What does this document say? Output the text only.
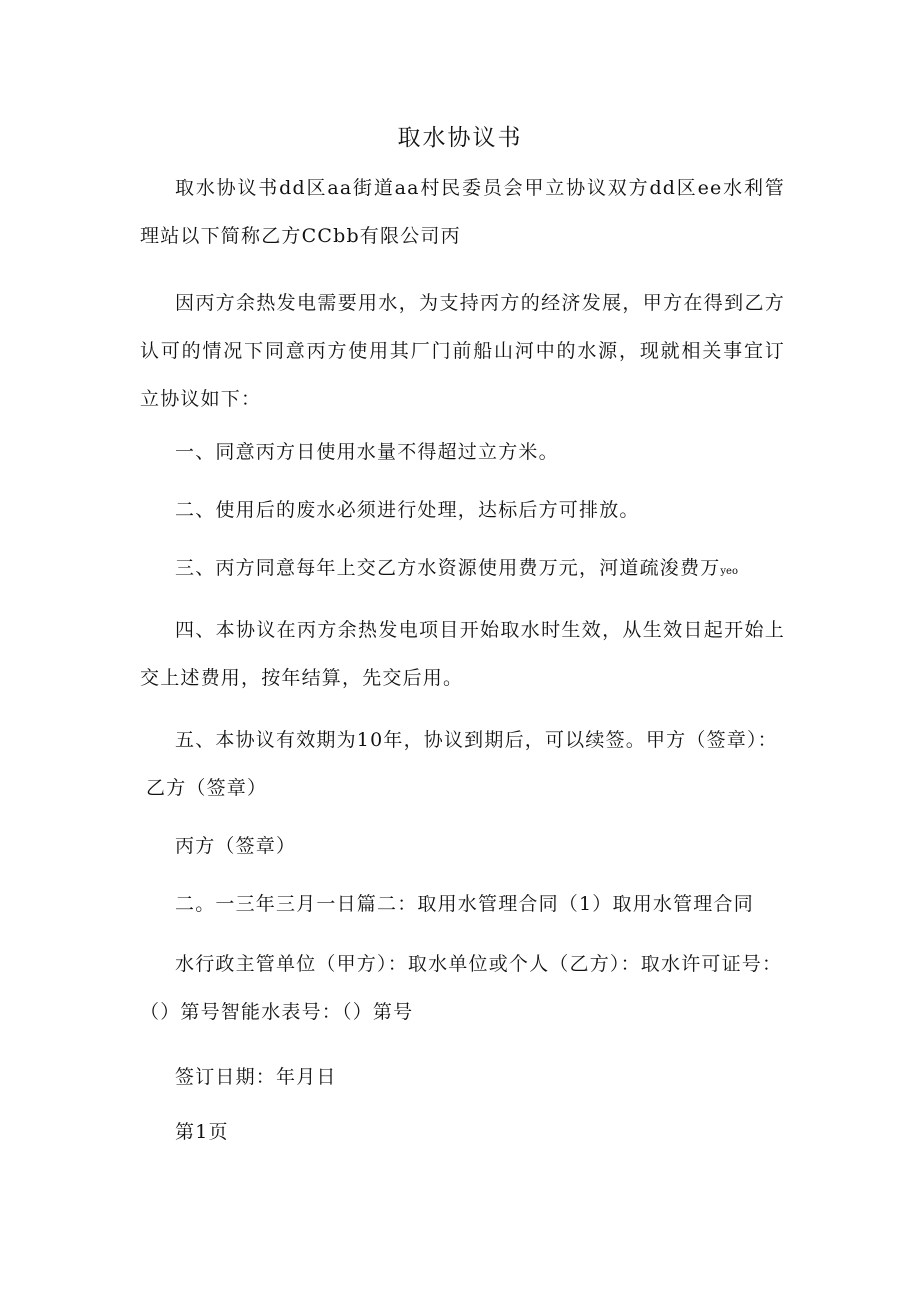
取水协议书

取水协议书dd区aa街道aa村民委员会甲立协议双方dd区ee水利管理站以下简称乙方CCbb有限公司丙

因丙方余热发电需要用水，为支持丙方的经济发展，甲方在得到乙方认可的情况下同意丙方使用其厂门前船山河中的水源，现就相关事宜订立协议如下：

一、同意丙方日使用水量不得超过立方米。

二、使用后的废水必须进行处理，达标后方可排放。

三、丙方同意每年上交乙方水资源使用费万元，河道疏浚费万yeo

四、本协议在丙方余热发电项目开始取水时生效，从生效日起开始上交上述费用，按年结算，先交后用。

五、本协议有效期为10年，协议到期后，可以续签。甲方（签章）：

乙方（签章）

丙方（签章）

二。一三年三月一日篇二：取用水管理合同（1）取用水管理合同

水行政主管单位（甲方）：取水单位或个人（乙方）：取水许可证号：

（）第号智能水表号：（）第号

签订日期：年月日

第1页
